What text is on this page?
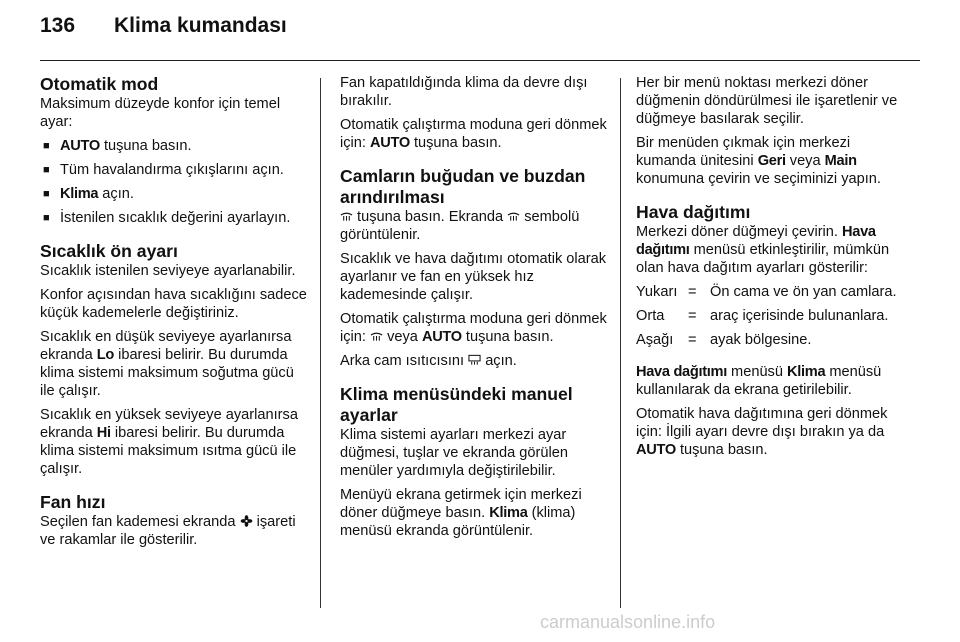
136 Klima kumandası
Otomatik mod

Maksimum düzeyde konfor için temel ayar:

■ AUTO tuşuna basın.
■ Tüm havalandırma çıkışlarını açın.
■ Klima açın.
■ İstenilen sıcaklık değerini ayarlayın.
Sıcaklık ön ayarı

Sıcaklık istenilen seviyeye ayarlanabilir.

Konfor açısından hava sıcaklığını sadece küçük kademelerle değiştiriniz.

Sıcaklık en düşük seviyeye ayarlanırsa ekranda Lo ibaresi belirir. Bu durumda klima sistemi maksimum soğutma gücü ile çalışır.

Sıcaklık en yüksek seviyeye ayarlanırsa ekranda Hi ibaresi belirir. Bu durumda klima sistemi maksimum ısıtma gücü ile çalışır.

Fan hızı

Seçilen fan kademesi ekranda  işareti ve rakamlar ile gösterilir.

Fan kapatıldığında klima da devre dışı bırakılır.

Otomatik çalıştırma moduna geri dönmek için: AUTO tuşuna basın.

Camların buğudan ve buzdan arındırılması

tuşuna basın. Ekranda  sembolü görüntülenir.

Sıcaklık ve hava dağıtımı otomatik olarak ayarlanır ve fan en yüksek hız kademesinde çalışır.

Otomatik çalıştırma moduna geri dönmek için:  veya AUTO tuşuna basın.

Arka cam ısıtıcısını  açın.

Klima menüsündeki manuel ayarlar

Klima sistemi ayarları merkezi ayar düğmesi, tuşlar ve ekranda görülen menüler yardımıyla değiştirilebilir.

Menüyü ekrana getirmek için merkezi döner düğmeye basın. Klima (klima) menüsü ekranda görüntülenir.

Her bir menü noktası merkezi döner düğmenin döndürülmesi ile işaretlenir ve düğmeye basılarak seçilir.

Bir menüden çıkmak için merkezi kumanda ünitesini Geri veya Main konumuna çevirin ve seçiminizi yapın.

Hava dağıtımı

Merkezi döner düğmeyi çevirin. Hava dağıtımı menüsü etkinleştirilir, mümkün olan hava dağıtım ayarları gösterilir:

Yukarı = Ön cama ve ön yan camlara.
Orta	= araç içerisinde bulunanlara.
Aşağı	= ayak bölgesine.

Hava dağıtımı menüsü Klima menüsü kullanılarak da ekrana getirilebilir.

Otomatik hava dağıtımına geri dönmek için: İlgili ayarı devre dışı bırakın ya da AUTO tuşuna basın.

carmanualsonline.info
